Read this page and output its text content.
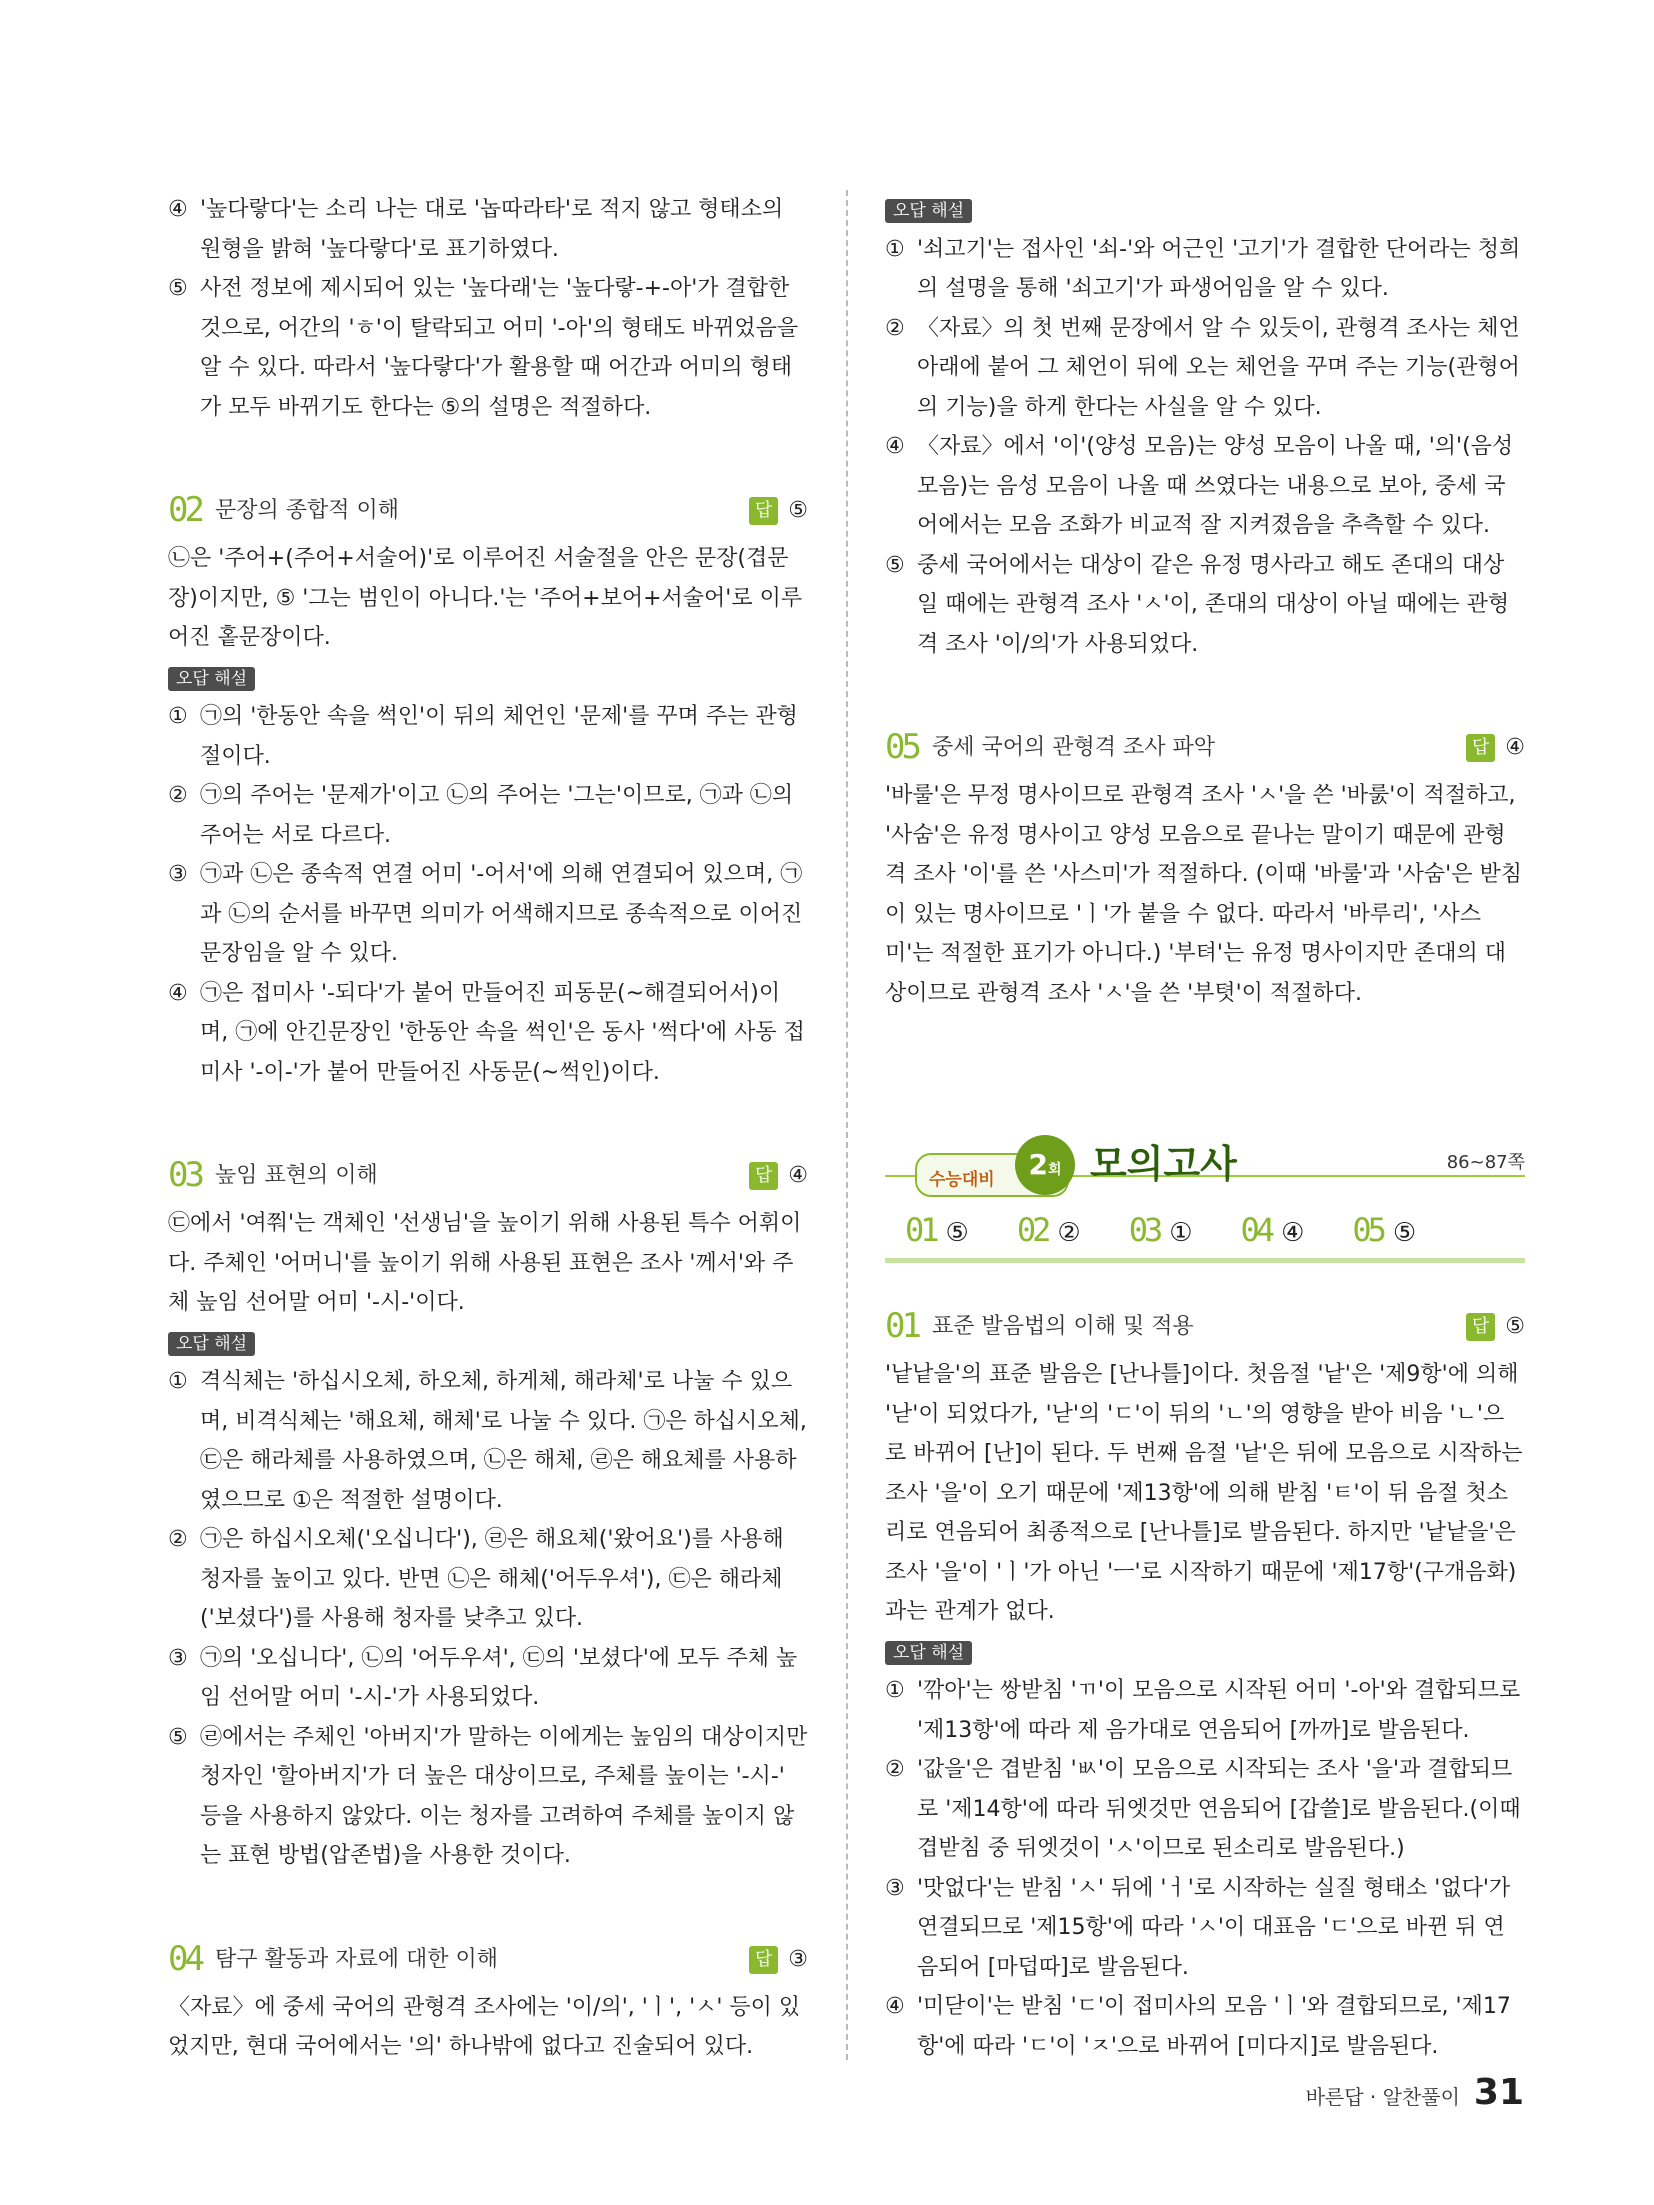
④ '높다랗다'는 소리 나는 대로 '놉따라타'로 적지 않고 형태소의 원형을 밝혀 '높다랗다'로 표기하였다.
⑤ 사전 정보에 제시되어 있는 '높다래'는 '높다랗-+-아'가 결합한 것으로, 어간의 'ㅎ'이 탈락되고 어미 '-아'의 형태도 바뀌었음을 알 수 있다. 따라서 '높다랗다'가 활용할 때 어간과 어미의 형태가 모두 바뀌기도 한다는 ⑤의 설명은 적절하다.
02 문장의 종합적 이해	답 ⑤

㉡은 '주어+(주어+서술어)'로 이루어진 서술절을 안은 문장(겹문장)이지만, ⑤ '그는 범인이 아니다.'는 '주어+보어+서술어'로 이루어진 홑문장이다.

오답 해설
① ㉠의 '한동안 속을 썩인'이 뒤의 체언인 '문제'를 꾸며 주는 관형절이다.
② ㉠의 주어는 '문제가'이고 ㉡의 주어는 '그는'이므로, ㉠과 ㉡의 주어는 서로 다르다.
③ ㉠과 ㉡은 종속적 연결 어미 '-어서'에 의해 연결되어 있으며, ㉠과 ㉡의 순서를 바꾸면 의미가 어색해지므로 종속적으로 이어진 문장임을 알 수 있다.
④ ㉠은 접미사 '-되다'가 붙어 만들어진 피동문(~해결되어서)이며, ㉠에 안긴문장인 '한동안 속을 썩인'은 동사 '썩다'에 사동 접미사 '-이-'가 붙어 만들어진 사동문(~썩인)이다.
03 높임 표현의 이해	답 ④

㉢에서 '여쭤'는 객체인 '선생님'을 높이기 위해 사용된 특수 어휘이다. 주체인 '어머니'를 높이기 위해 사용된 표현은 조사 '께서'와 주체 높임 선어말 어미 '-시-'이다.

오답 해설
① 격식체는 '하십시오체, 하오체, 하게체, 해라체'로 나눌 수 있으며, 비격식체는 '해요체, 해체'로 나눌 수 있다. ㉠은 하십시오체, ㉢은 해라체를 사용하였으며, ㉡은 해체, ㉣은 해요체를 사용하였으므로 ①은 적절한 설명이다.
② ㉠은 하십시오체('오십니다'), ㉣은 해요체('왔어요')를 사용해 청자를 높이고 있다. 반면 ㉡은 해체('어두우셔'), ㉢은 해라체('보셨다')를 사용해 청자를 낮추고 있다.
③ ㉠의 '오십니다', ㉡의 '어두우셔', ㉢의 '보셨다'에 모두 주체 높임 선어말 어미 '-시-'가 사용되었다.
⑤ ㉣에서는 주체인 '아버지'가 말하는 이에게는 높임의 대상이지만 청자인 '할아버지'가 더 높은 대상이므로, 주체를 높이는 '-시-' 등을 사용하지 않았다. 이는 청자를 고려하여 주체를 높이지 않는 표현 방법(압존법)을 사용한 것이다.
04 탐구 활동과 자료에 대한 이해	답 ③

〈자료〉에 중세 국어의 관형격 조사에는 '이/의', 'ㅣ', 'ㅅ' 등이 있었지만, 현대 국어에서는 '의' 하나밖에 없다고 진술되어 있다.

오답 해설
① '쇠고기'는 접사인 '쇠-'와 어근인 '고기'가 결합한 단어라는 청희의 설명을 통해 '쇠고기'가 파생어임을 알 수 있다.
② 〈자료〉의 첫 번째 문장에서 알 수 있듯이, 관형격 조사는 체언 아래에 붙어 그 체언이 뒤에 오는 체언을 꾸며 주는 기능(관형어의 기능)을 하게 한다는 사실을 알 수 있다.
④ 〈자료〉에서 '이'(양성 모음)는 양성 모음이 나올 때, '의'(음성 모음)는 음성 모음이 나올 때 쓰였다는 내용으로 보아, 중세 국어에서는 모음 조화가 비교적 잘 지켜졌음을 추측할 수 있다.
⑤ 중세 국어에서는 대상이 같은 유정 명사라고 해도 존대의 대상일 때에는 관형격 조사 'ㅅ'이, 존대의 대상이 아닐 때에는 관형격 조사 '이/의'가 사용되었다.
05 중세 국어의 관형격 조사 파악	답 ④

'바룰'은 무정 명사이므로 관형격 조사 'ㅅ'을 쓴 '바룴'이 적절하고, '사숨'은 유정 명사이고 양성 모음으로 끝나는 말이기 때문에 관형격 조사 '이'를 쓴 '사스미'가 적절하다. (이때 '바룰'과 '사숨'은 받침이 있는 명사이므로 'ㅣ'가 붙을 수 없다. 따라서 '바루리', '사스미'는 적절한 표기가 아니다.) '부텨'는 유정 명사이지만 존대의 대상이므로 관형격 조사 'ㅅ'을 쓴 '부텻'이 적절하다.

수능대비	2회 모의고사	86~87쪽
01 ⑤ 02 ② 03 ① 04 ④ 05 ⑤
01 표준 발음법의 이해 및 적용	답 ⑤

'낱낱을'의 표준 발음은 [난나틀]이다. 첫음절 '낱'은 '제9항'에 의해 '낟'이 되었다가, '낟'의 'ㄷ'이 뒤의 'ㄴ'의 영향을 받아 비음 'ㄴ'으로 바뀌어 [난]이 된다. 두 번째 음절 '낱'은 뒤에 모음으로 시작하는 조사 '을'이 오기 때문에 '제13항'에 의해 받침 'ㅌ'이 뒤 음절 첫소리로 연음되어 최종적으로 [난나틀]로 발음된다. 하지만 '낱낱을'은 조사 '을'이 'ㅣ'가 아닌 'ㅡ'로 시작하기 때문에 '제17항'(구개음화)과는 관계가 없다.

오답 해설
① '깎아'는 쌍받침 'ㄲ'이 모음으로 시작된 어미 '-아'와 결합되므로 '제13항'에 따라 제 음가대로 연음되어 [까까]로 발음된다.
② '값을'은 겹받침 'ㅄ'이 모음으로 시작되는 조사 '을'과 결합되므로 '제14항'에 따라 뒤엣것만 연음되어 [갑쓸]로 발음된다.(이때 겹받침 중 뒤엣것이 'ㅅ'이므로 된소리로 발음된다.)
③ '맛없다'는 받침 'ㅅ' 뒤에 'ㅓ'로 시작하는 실질 형태소 '없다'가 연결되므로 '제15항'에 따라 'ㅅ'이 대표음 'ㄷ'으로 바뀐 뒤 연음되어 [마덥따]로 발음된다.
④ '미닫이'는 받침 'ㄷ'이 접미사의 모음 'ㅣ'와 결합되므로, '제17항'에 따라 'ㄷ'이 'ㅈ'으로 바뀌어 [미다지]로 발음된다.
바른답 · 알찬풀이 31
